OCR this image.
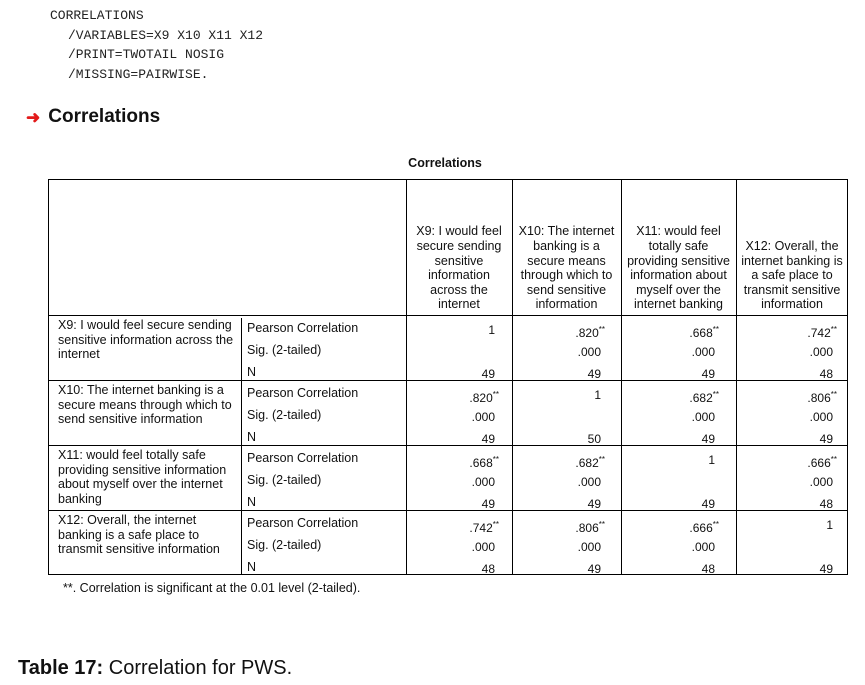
CORRELATIONS
/VARIABLES=X9 X10 X11 X12
/PRINT=TWOTAIL NOSIG
/MISSING=PAIRWISE.
➜ Correlations
Correlations
X9: I would feel secure sending sensitive information across the internet
X10: The internet banking is a secure means through which to send sensitive information
X11: would feel totally safe providing sensitive information about myself over the internet banking
X12: Overall, the internet banking is a safe place to transmit sensitive information
X9: I would feel secure sending sensitive information across the internet
Pearson Correlation
Sig. (2-tailed)
N
1
49
.820**
.000
49
.668**
.000
49
.742**
.000
48
X10: The internet banking is a secure means through which to send sensitive information
Pearson Correlation
Sig. (2-tailed)
N
.820**
.000
49
1
50
.682**
.000
49
.806**
.000
49
X11: would feel totally safe providing sensitive information about myself over the internet banking
Pearson Correlation
Sig. (2-tailed)
N
.668**
.000
49
.682**
.000
49
1
49
.666**
.000
48
X12: Overall, the internet banking is a safe place to transmit sensitive information
Pearson Correlation
Sig. (2-tailed)
N
.742**
.000
48
.806**
.000
49
.666**
.000
48
1
49
**. Correlation is significant at the 0.01 level (2-tailed).
Table 17: Correlation for PWS.
